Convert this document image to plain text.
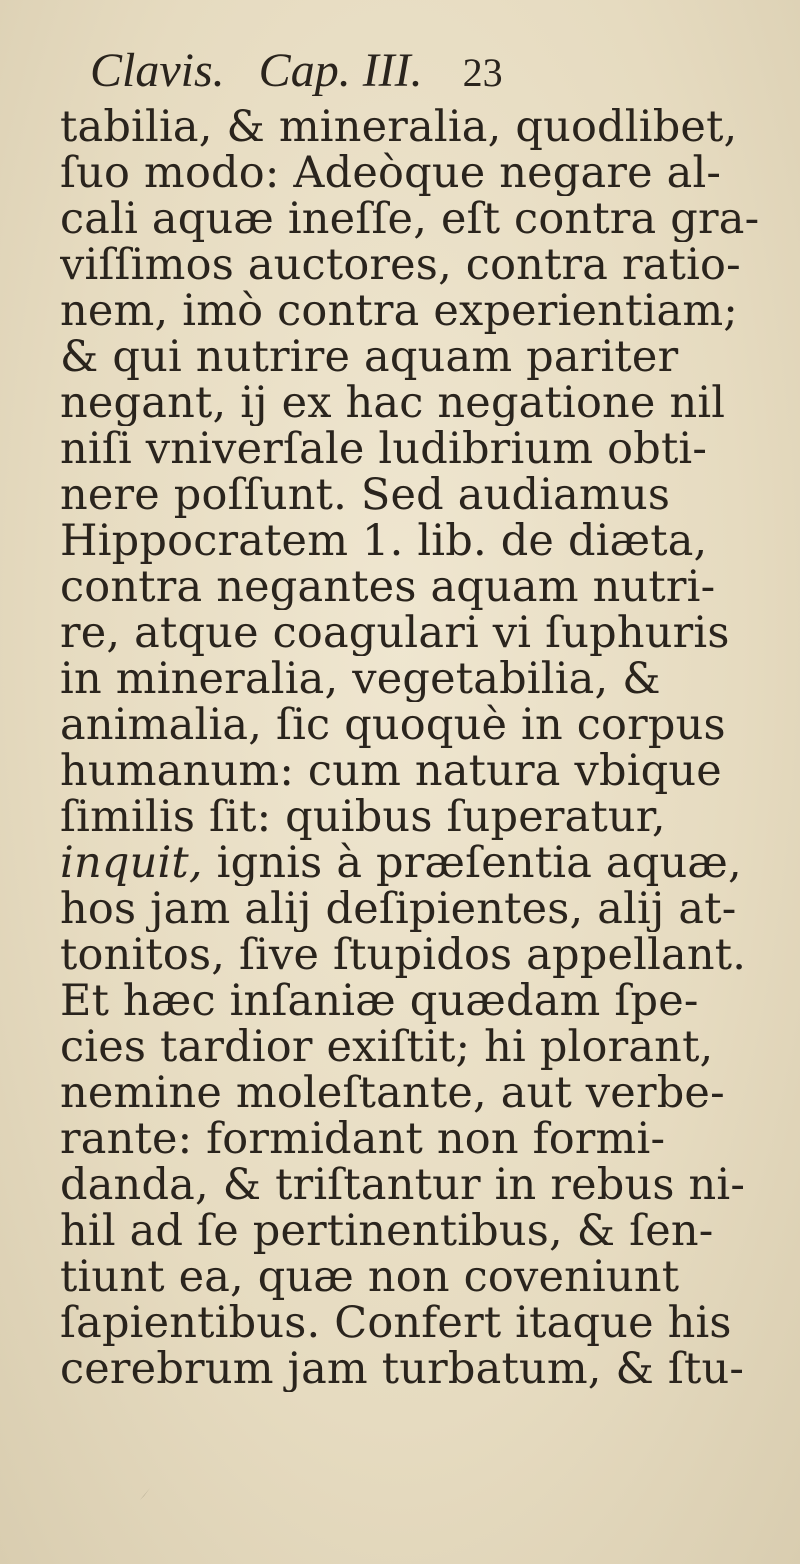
Clavis. Cap. III. 23
tabilia, & mineralia, quodlibet,
ſuo modo: Adeòque negare al-
cali aquæ ineſſe, eſt contra gra-
viſſimos auctores, contra ratio-
nem, imò contra experientiam;
& qui nutrire aquam pariter
negant, ij ex hac negatione nil
niſi vniverſale ludibrium obti-
nere poſſunt. Sed audiamus
Hippocratem 1. lib. de diæta,
contra negantes aquam nutri-
re, atque coagulari vi ſuphuris
in mineralia, vegetabilia, &
animalia, ſic quoquè in corpus
humanum: cum natura vbique
ſimilis ſit: quibus ſuperatur,
inquit, ignis à præſentia aquæ,
hos jam alij deſipientes, alij at-
tonitos, ſive ſtupidos appellant.
Et hæc inſaniæ quædam ſpe-
cies tardior exiſtit; hi plorant,
nemine moleſtante, aut verbe-
rante: formidant non formi-
danda, & triſtantur in rebus ni-
hil ad ſe pertinentibus, & ſen-
tiunt ea, quæ non coveniunt
ſapientibus. Confert itaque his
cerebrum jam turbatum, & ſtu-
